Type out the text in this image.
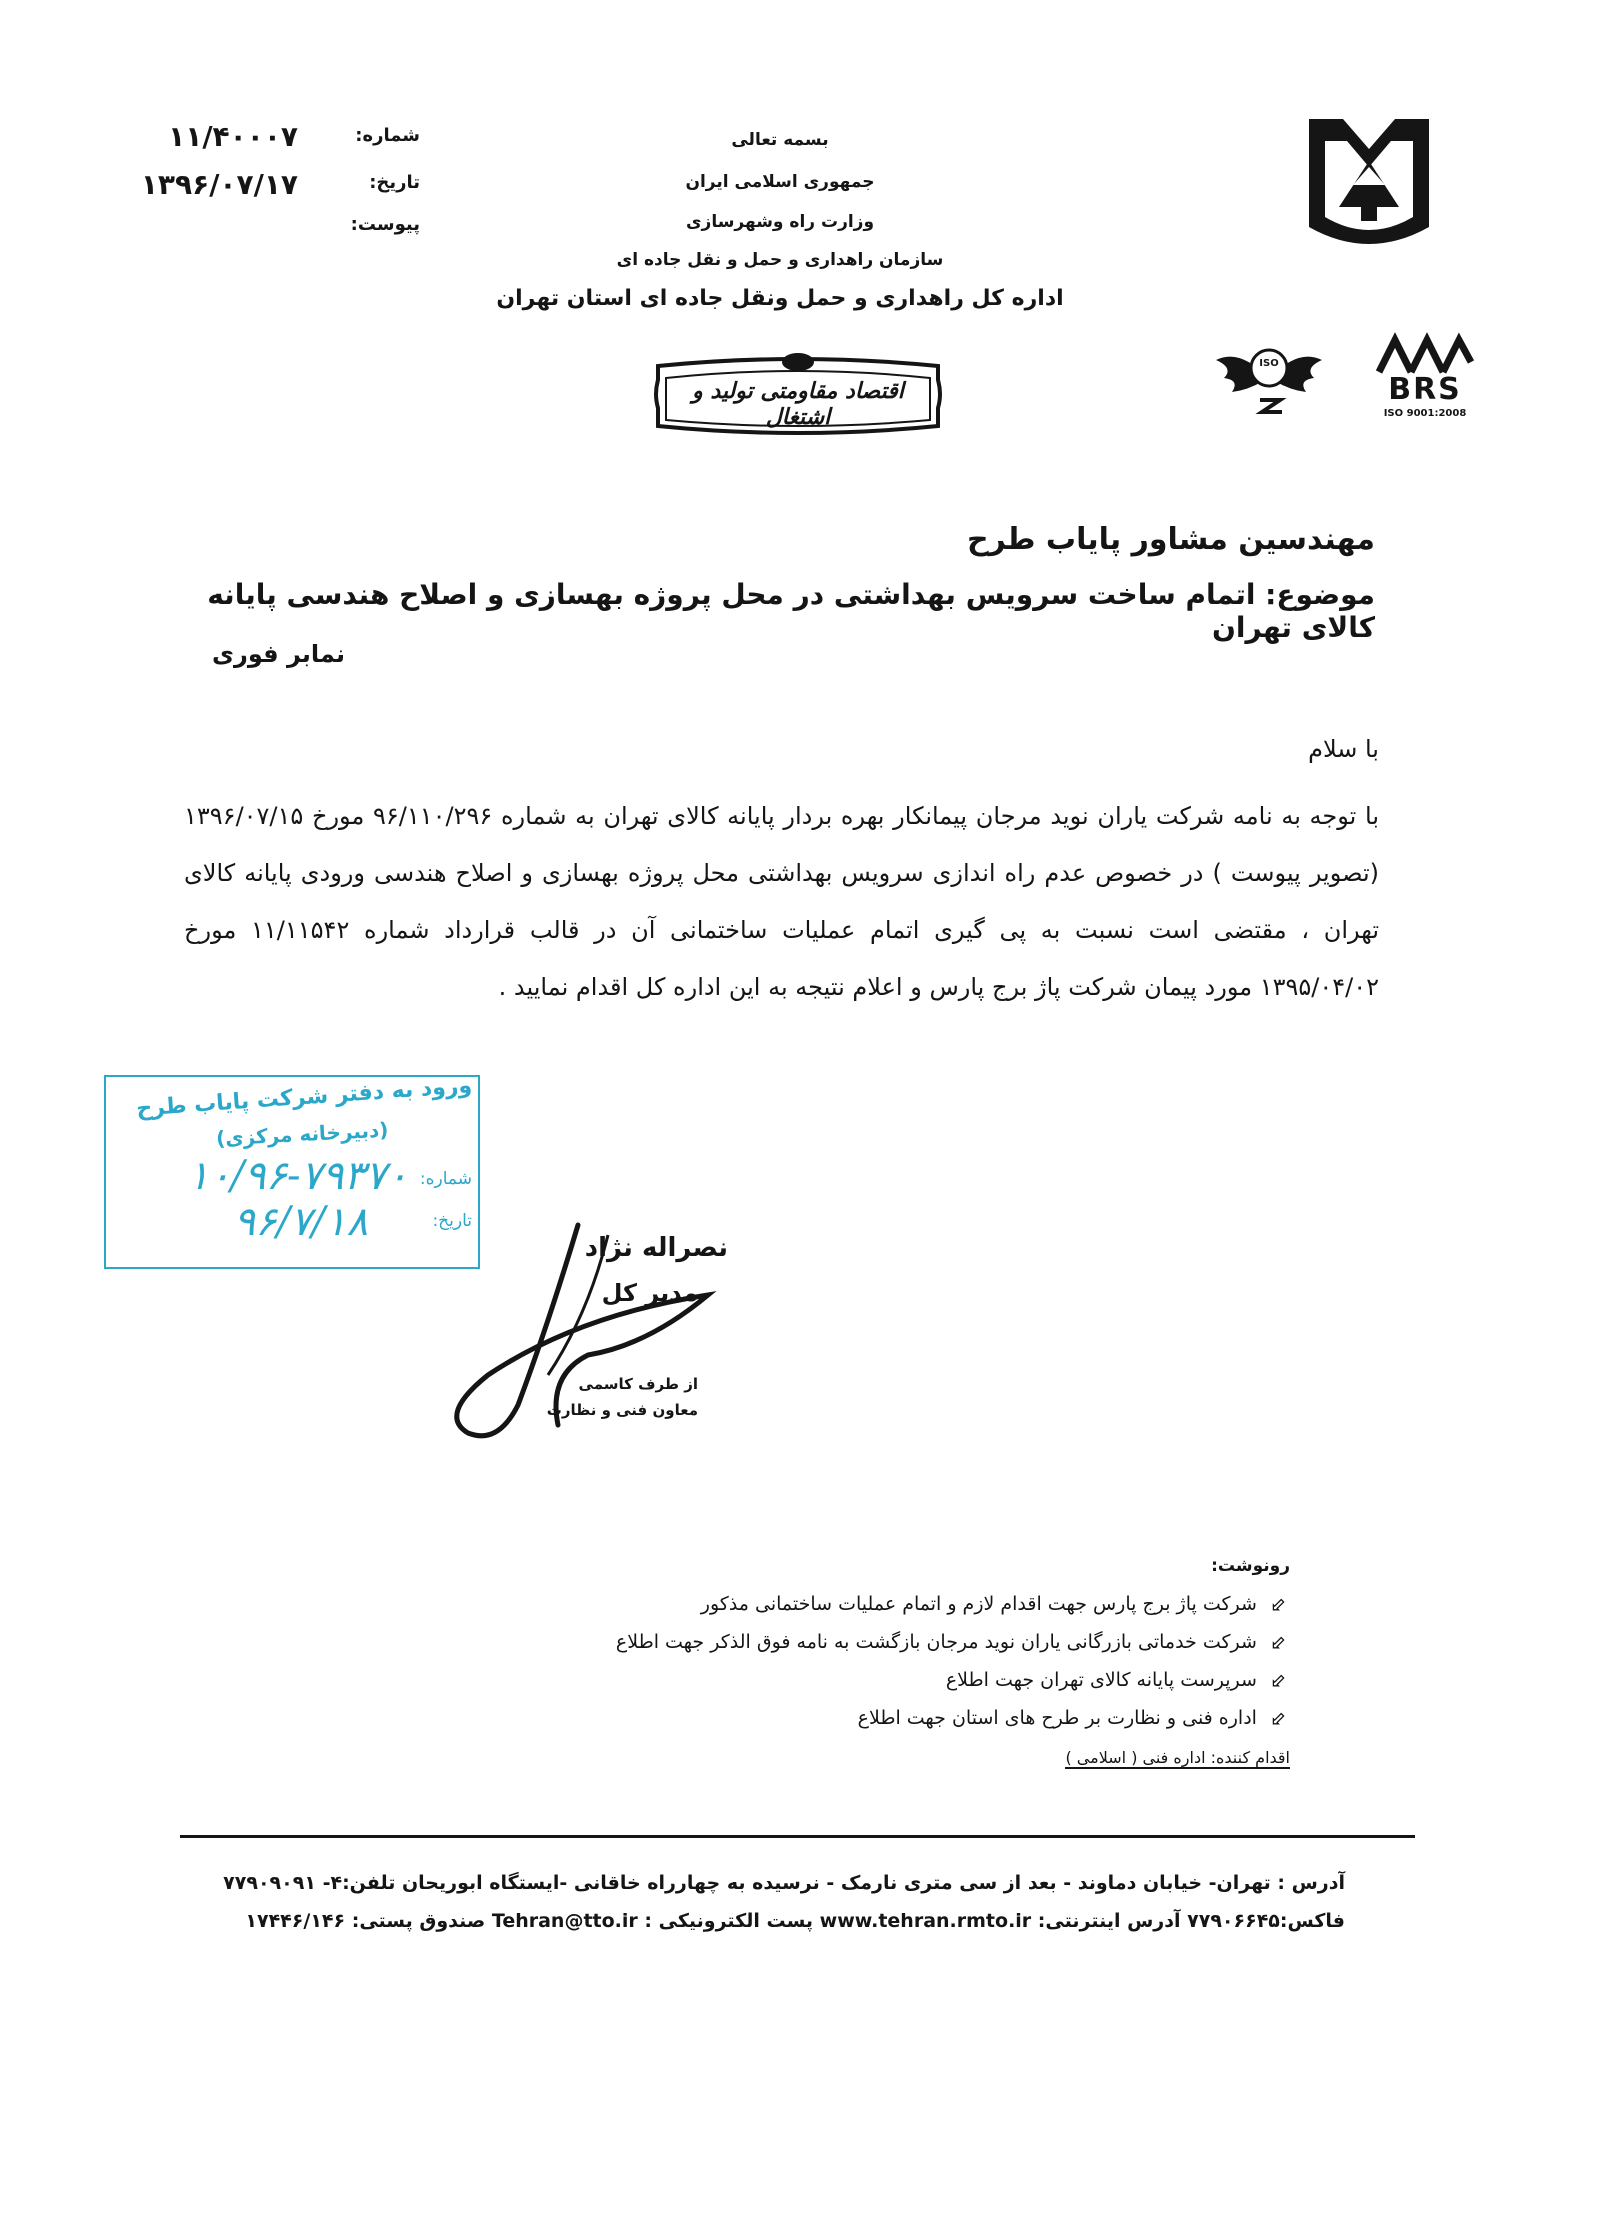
شماره:
۱۱/۴۰۰۰۷
تاریخ:
۱۳۹۶/۰۷/۱۷
پیوست:
بسمه تعالی
جمهوری اسلامی ایران
وزارت راه وشهرسازی
سازمان راهداری و حمل و نقل جاده ای
اداره کل راهداری و حمل ونقل جاده ای استان تهران
اقتصاد مقاومتی تولید و اشتغال
ISO
BRS
ISO 9001:2008
مهندسین مشاور پایاب طرح
موضوع: اتمام ساخت سرویس بهداشتی در محل پروژه بهسازی و اصلاح هندسی پایانه کالای تهران
نمابر فوری
با سلام
با توجه به نامه شرکت یاران نوید مرجان پیمانکار بهره بردار پایانه کالای تهران به شماره ۹۶/۱۱۰/۲۹۶ مورخ ۱۳۹۶/۰۷/۱۵ (تصویر پیوست ) در خصوص عدم راه اندازی سرویس بهداشتی محل پروژه بهسازی و اصلاح هندسی ورودی پایانه کالای تهران ، مقتضی است نسبت به پی گیری اتمام عملیات ساختمانی آن در قالب قرارداد شماره ۱۱/۱۱۵۴۲ مورخ ۱۳۹۵/۰۴/۰۲ مورد پیمان شرکت پاژ برج پارس و اعلام نتیجه به این اداره کل اقدام نمایید .
ورود به دفتر شرکت پایاب طرح
(دبیرخانه مرکزی)
شماره:
۱۰/۹۶-۷۹۳۷۰
تاریخ:
۹۶/۷/۱۸
نصراله نژاد
مدیر کل
از طرف کاسمی
معاون فنی و نظارت
رونوشت:
⬃ شرکت پاژ برج پارس جهت اقدام لازم و اتمام عملیات ساختمانی مذکور
⬃ شرکت خدماتی بازرگانی یاران نوید مرجان بازگشت به نامه فوق الذکر جهت اطلاع
⬃ سرپرست پایانه کالای تهران جهت اطلاع
⬃ اداره فنی و نظارت بر طرح های استان جهت اطلاع
اقدام کننده: اداره فنی ( اسلامی )
آدرس : تهران- خیابان دماوند - بعد از سی متری نارمک - نرسیده به چهارراه خاقانی -ایستگاه ابوریحان تلفن:۴- ۷۷۹۰۹۰۹۱
فاکس:۷۷۹۰۶۶۴۵ آدرس اینترنتی: www.tehran.rmto.ir پست الکترونیکی : Tehran@tto.ir صندوق پستی: ۱۷۴۴۶/۱۴۶
